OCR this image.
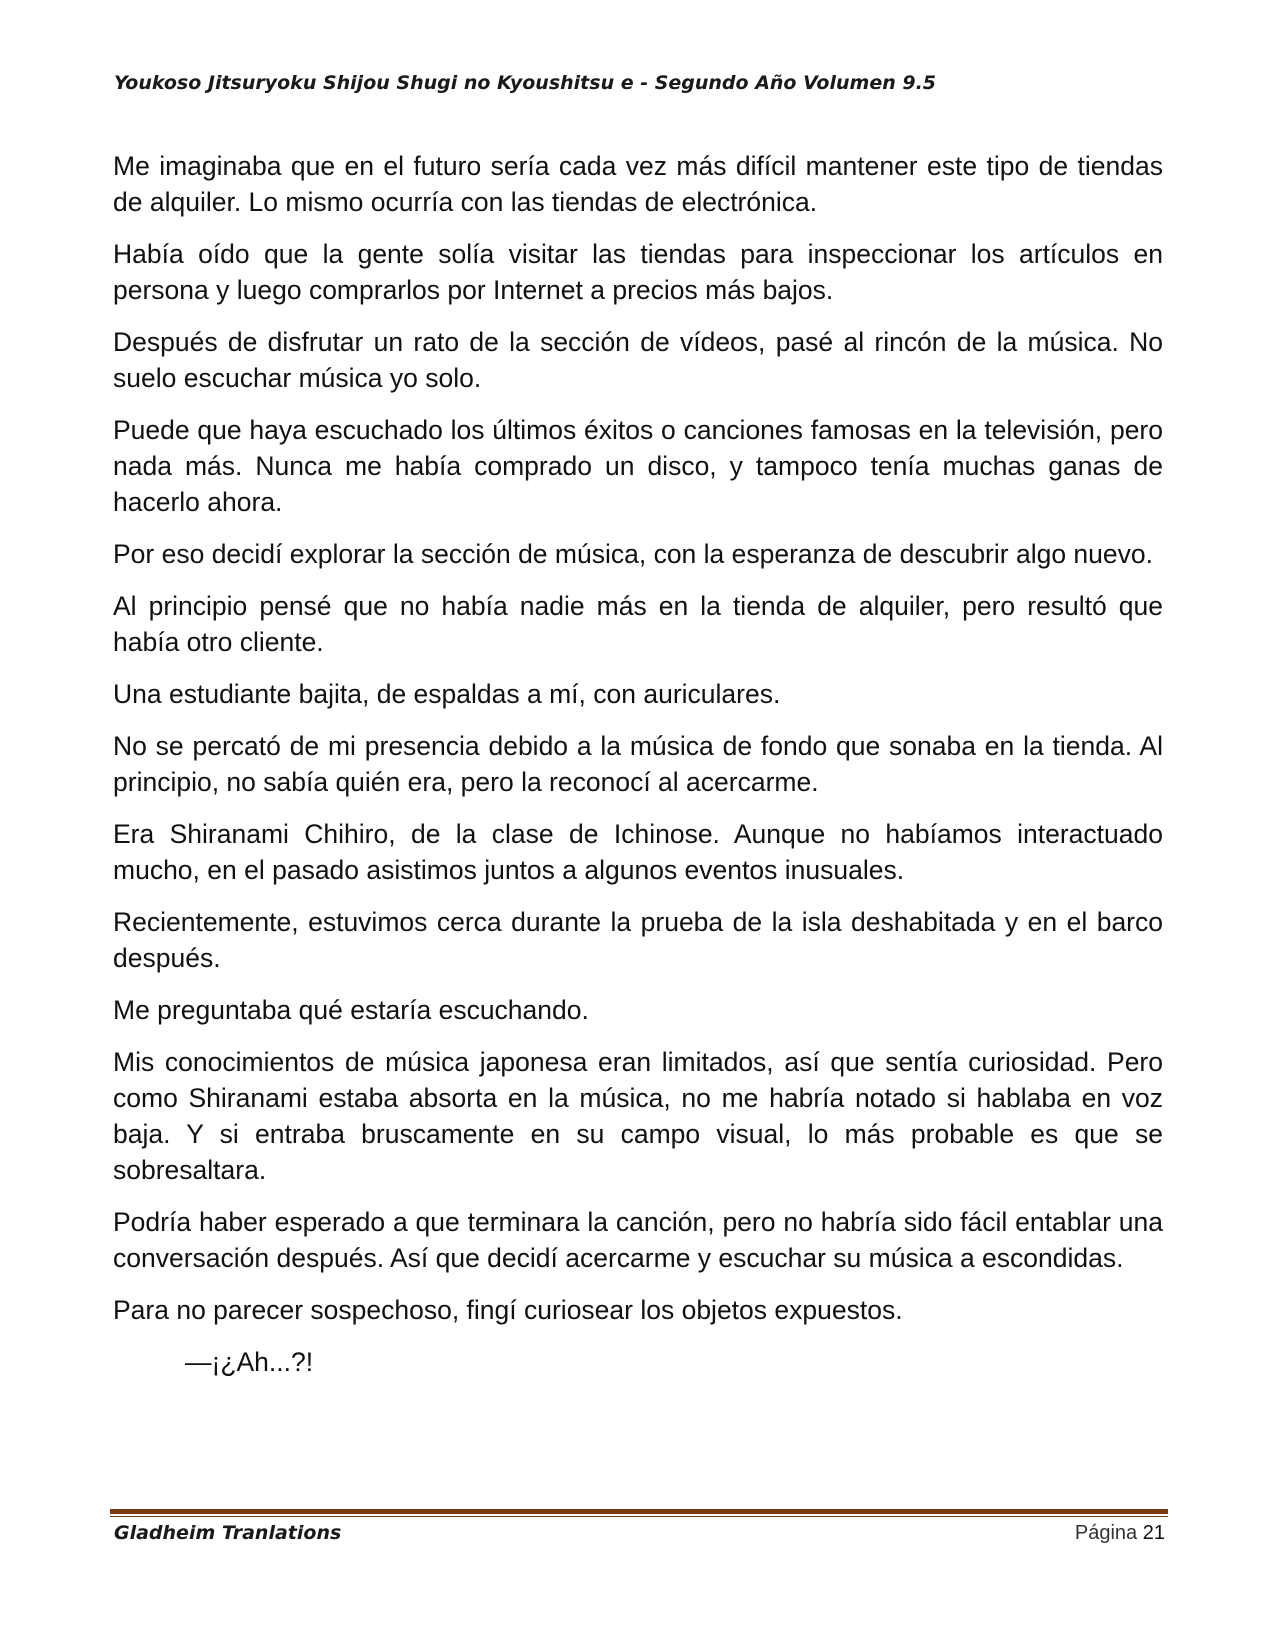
Youkoso Jitsuryoku Shijou Shugi no Kyoushitsu e - Segundo Año Volumen 9.5

Me imaginaba que en el futuro sería cada vez más difícil mantener este tipo de tiendas de alquiler. Lo mismo ocurría con las tiendas de electrónica.

Había oído que la gente solía visitar las tiendas para inspeccionar los artículos en persona y luego comprarlos por Internet a precios más bajos.

Después de disfrutar un rato de la sección de vídeos, pasé al rincón de la música. No suelo escuchar música yo solo.

Puede que haya escuchado los últimos éxitos o canciones famosas en la televisión, pero nada más. Nunca me había comprado un disco, y tampoco tenía muchas ganas de hacerlo ahora.

Por eso decidí explorar la sección de música, con la esperanza de descubrir algo nuevo.

Al principio pensé que no había nadie más en la tienda de alquiler, pero resultó que había otro cliente.

Una estudiante bajita, de espaldas a mí, con auriculares.

No se percató de mi presencia debido a la música de fondo que sonaba en la tienda. Al principio, no sabía quién era, pero la reconocí al acercarme.

Era Shiranami Chihiro, de la clase de Ichinose. Aunque no habíamos interactuado mucho, en el pasado asistimos juntos a algunos eventos inusuales.

Recientemente, estuvimos cerca durante la prueba de la isla deshabitada y en el barco después.

Me preguntaba qué estaría escuchando.

Mis conocimientos de música japonesa eran limitados, así que sentía curiosidad. Pero como Shiranami estaba absorta en la música, no me habría notado si hablaba en voz baja. Y si entraba bruscamente en su campo visual, lo más probable es que se sobresaltara.

Podría haber esperado a que terminara la canción, pero no habría sido fácil entablar una conversación después. Así que decidí acercarme y escuchar su música a escondidas.

Para no parecer sospechoso, fingí curiosear los objetos expuestos.

—¡¿Ah...?!

Gladheim Tranlations	Página 21
